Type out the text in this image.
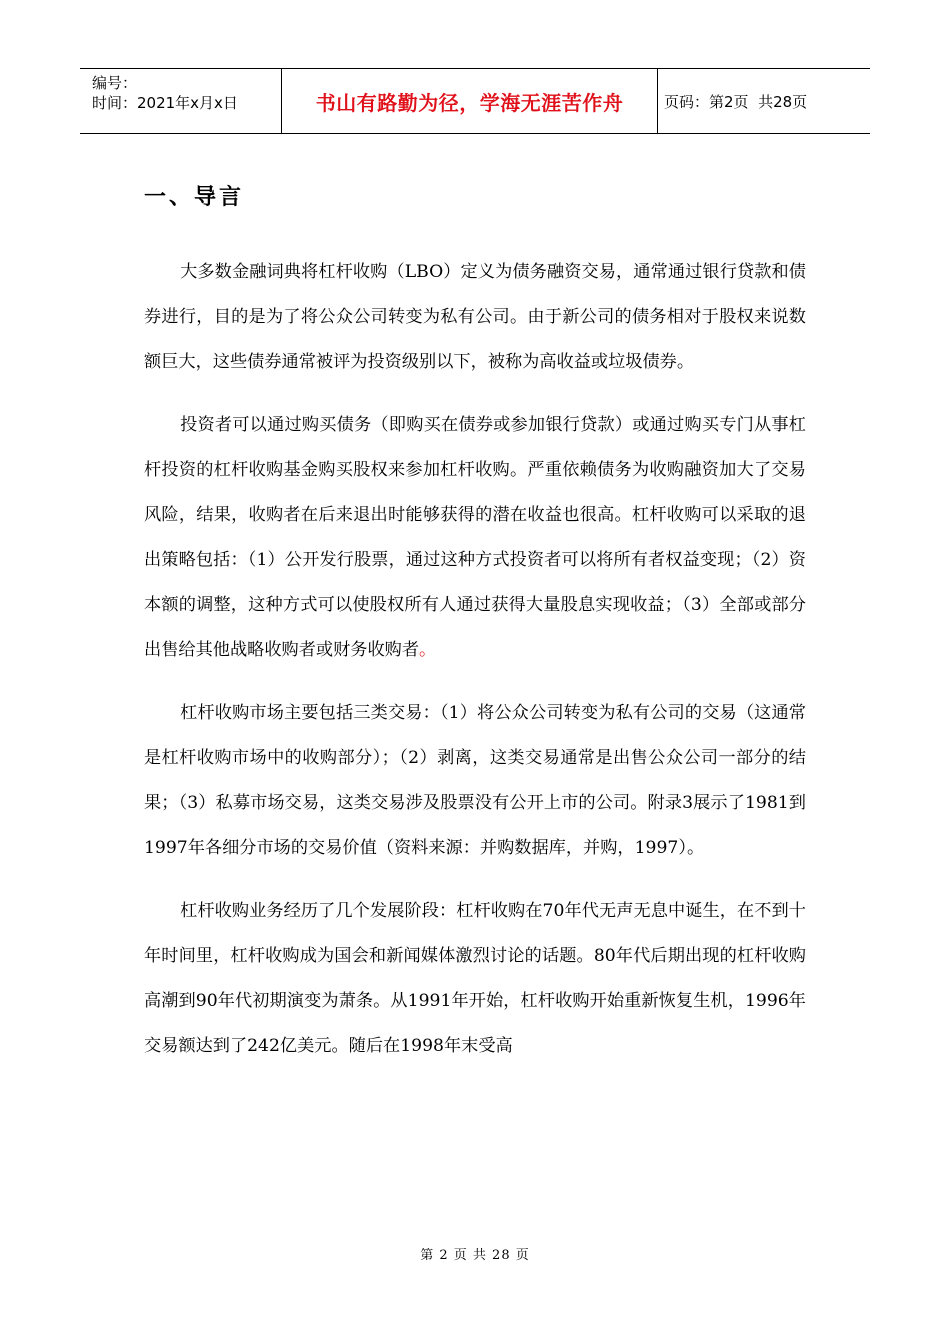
编号：
时间：2021年x月x日	书山有路勤为径，学海无涯苦作舟	页码：第2页  共28页
一、导言

大多数金融词典将杠杆收购（LBO）定义为债务融资交易，通常通过银行贷款和债券进行，目的是为了将公众公司转变为私有公司。由于新公司的债务相对于股权来说数额巨大，这些债券通常被评为投资级别以下，被称为高收益或垃圾债券。

投资者可以通过购买债务（即购买在债券或参加银行贷款）或通过购买专门从事杠杆投资的杠杆收购基金购买股权来参加杠杆收购。严重依赖债务为收购融资加大了交易风险，结果，收购者在后来退出时能够获得的潜在收益也很高。杠杆收购可以采取的退出策略包括：（1）公开发行股票，通过这种方式投资者可以将所有者权益变现；（2）资本额的调整，这种方式可以使股权所有人通过获得大量股息实现收益；（3）全部或部分出售给其他战略收购者或财务收购者。

杠杆收购市场主要包括三类交易：（1）将公众公司转变为私有公司的交易（这通常是杠杆收购市场中的收购部分）；（2）剥离，这类交易通常是出售公众公司一部分的结果；（3）私募市场交易，这类交易涉及股票没有公开上市的公司。附录3展示了1981到1997年各细分市场的交易价值（资料来源：并购数据库，并购，1997）。

杠杆收购业务经历了几个发展阶段：杠杆收购在70年代无声无息中诞生，在不到十年时间里，杠杆收购成为国会和新闻媒体激烈讨论的话题。80年代后期出现的杠杆收购高潮到90年代初期演变为萧条。从1991年开始，杠杆收购开始重新恢复生机，1996年交易额达到了242亿美元。随后在1998年末受高

第 2 页 共 28 页
